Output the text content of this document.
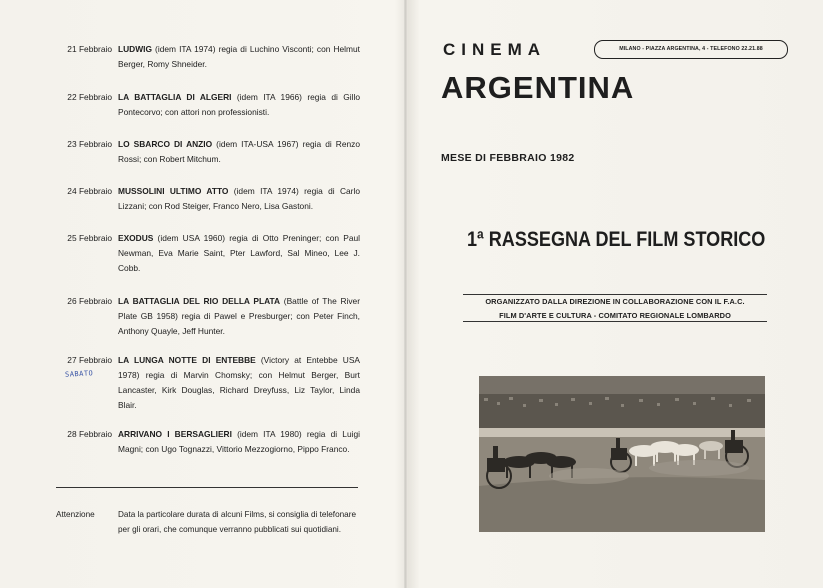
21 Febbraio LUDWIG (idem ITA 1974) regia di Luchino Visconti; con Helmut Berger, Romy Shneider.
22 Febbraio LA BATTAGLIA DI ALGERI (idem ITA 1966) regia di Gillo Pontecorvo; con attori non professionisti.
23 Febbraio LO SBARCO DI ANZIO (idem ITA-USA 1967) regia di Renzo Rossi; con Robert Mitchum.
24 Febbraio MUSSOLINI ULTIMO ATTO (idem ITA 1974) regia di Carlo Lizzani; con Rod Steiger, Franco Nero, Lisa Gastoni.
25 Febbraio EXODUS (idem USA 1960) regia di Otto Preninger; con Paul Newman, Eva Marie Saint, Pter Lawford, Sal Mineo, Lee J. Cobb.
26 Febbraio LA BATTAGLIA DEL RIO DELLA PLATA (Battle of The River Plate GB 1958) regia di Pawel e Presburger; con Peter Finch, Anthony Quayle, Jeff Hunter.
27 Febbraio LA LUNGA NOTTE DI ENTEBBE (Victory at Entebbe USA 1978) regia di Marvin Chomsky; con Helmut Berger, Burt Lancaster, Kirk Douglas, Richard Dreyfuss, Liz Taylor, Linda Blair.
28 Febbraio ARRIVANO I BERSAGLIERI (idem ITA 1980) regia di Luigi Magni; con Ugo Tognazzi, Vittorio Mezzogiorno, Pippo Franco.
SABATO
Attenzione	Data la particolare durata di alcuni Films, si consiglia di telefonare per gli orari, che comunque verranno pubblicati sui quotidiani.
CINEMA
ARGENTINA
MILANO - PIAZZA ARGENTINA, 4 - TELEFONO 22.21.88
MESE DI FEBBRAIO 1982
1ª RASSEGNA DEL FILM STORICO
ORGANIZZATO DALLA DIREZIONE IN COLLABORAZIONE CON IL F.A.C.
FILM D'ARTE E CULTURA - COMITATO REGIONALE LOMBARDO
